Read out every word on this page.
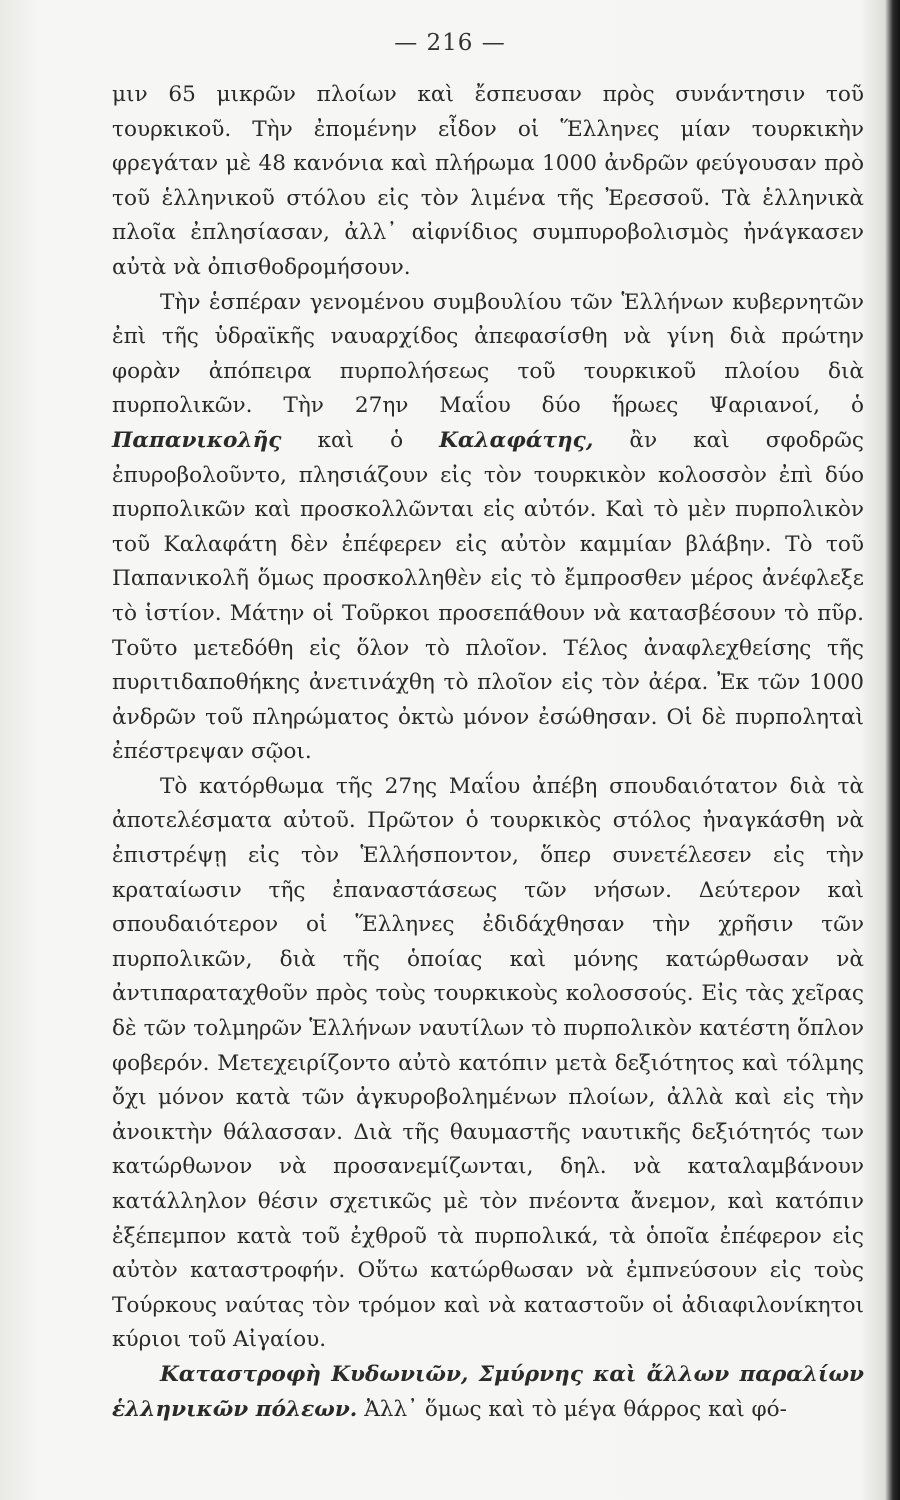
— 216 —

μιν 65 μικρῶν πλοίων καὶ ἔσπευσαν πρὸς συνάντησιν τοῦ τουρκικοῦ. Τὴν ἐπομένην εἶδον οἱ Ἕλληνες μίαν τουρκικὴν φρεγάταν μὲ 48 κανόνια καὶ πλήρωμα 1000 ἀνδρῶν φεύγουσαν πρὸ τοῦ ἑλληνικοῦ στόλου εἰς τὸν λιμένα τῆς Ἐρεσσοῦ. Τὰ ἑλληνικὰ πλοῖα ἐπλησίασαν, ἀλλ᾽ αἰφνίδιος συμπυροβολισμὸς ἠνάγκασεν αὐτὰ νὰ ὀπισθοδρομήσουν.

Τὴν ἑσπέραν γενομένου συμβουλίου τῶν Ἑλλήνων κυβερνητῶν ἐπὶ τῆς ὑδραϊκῆς ναυαρχίδος ἀπεφασίσθη νὰ γίνη διὰ πρώτην φορὰν ἀπόπειρα πυρπολήσεως τοῦ τουρκικοῦ πλοίου διὰ πυρπολικῶν. Τὴν 27ην Μαΐου δύο ἥρωες Ψαριανοί, ὁ Παπανικολῆς καὶ ὁ Καλαφάτης, ἂν καὶ σφοδρῶς ἐπυροβολοῦντο, πλησιάζουν εἰς τὸν τουρκικὸν κολοσσὸν ἐπὶ δύο πυρπολικῶν καὶ προσκολλῶνται εἰς αὐτόν. Καὶ τὸ μὲν πυρπολικὸν τοῦ Καλαφάτη δὲν ἐπέφερεν εἰς αὐτὸν καμμίαν βλάβην. Τὸ τοῦ Παπανικολῆ ὅμως προσκολληθὲν εἰς τὸ ἔμπροσθεν μέρος ἀνέφλεξε τὸ ἱστίον. Μάτην οἱ Τοῦρκοι προσεπάθουν νὰ κατασβέσουν τὸ πῦρ. Τοῦτο μετεδόθη εἰς ὅλον τὸ πλοῖον. Τέλος ἀναφλεχθείσης τῆς πυριτιδαποθήκης ἀνετινάχθη τὸ πλοῖον εἰς τὸν ἀέρα. Ἐκ τῶν 1000 ἀνδρῶν τοῦ πληρώματος ὀκτὼ μόνον ἐσώθησαν. Οἱ δὲ πυρποληταὶ ἐπέστρεψαν σῷοι.

Τὸ κατόρθωμα τῆς 27ης Μαΐου ἀπέβη σπουδαιότατον διὰ τὰ ἀποτελέσματα αὐτοῦ. Πρῶτον ὁ τουρκικὸς στόλος ἠναγκάσθη νὰ ἐπιστρέψῃ εἰς τὸν Ἑλλήσποντον, ὅπερ συνετέλεσεν εἰς τὴν κραταίωσιν τῆς ἐπαναστάσεως τῶν νήσων. Δεύτερον καὶ σπουδαιότερον οἱ Ἕλληνες ἐδιδάχθησαν τὴν χρῆσιν τῶν πυρπολικῶν, διὰ τῆς ὁποίας καὶ μόνης κατώρθωσαν νὰ ἀντιπαραταχθοῦν πρὸς τοὺς τουρκικοὺς κολοσσούς. Εἰς τὰς χεῖρας δὲ τῶν τολμηρῶν Ἑλλήνων ναυτίλων τὸ πυρπολικὸν κατέστη ὅπλον φοβερόν. Μετεχειρίζοντο αὐτὸ κατόπιν μετὰ δεξιότητος καὶ τόλμης ὄχι μόνον κατὰ τῶν ἀγκυροβολημένων πλοίων, ἀλλὰ καὶ εἰς τὴν ἀνοικτὴν θάλασσαν. Διὰ τῆς θαυμαστῆς ναυτικῆς δεξιότητός των κατώρθωνον νὰ προσανεμίζωνται, δηλ. νὰ καταλαμβάνουν κατάλληλον θέσιν σχετικῶς μὲ τὸν πνέοντα ἄνεμον, καὶ κατόπιν ἐξέπεμπον κατὰ τοῦ ἐχθροῦ τὰ πυρπολικά, τὰ ὁποῖα ἐπέφερον εἰς αὐτὸν καταστροφήν. Οὕτω κατώρθωσαν νὰ ἐμπνεύσουν εἰς τοὺς Τούρκους ναύτας τὸν τρόμον καὶ νὰ καταστοῦν οἱ ἀδιαφιλονίκητοι κύριοι τοῦ Αἰγαίου.

Καταστροφὴ Κυδωνιῶν, Σμύρνης καὶ ἄλλων παραλίων ἑλληνικῶν πόλεων. Ἀλλ᾽ ὅμως καὶ τὸ μέγα θάρρος καὶ φό-
